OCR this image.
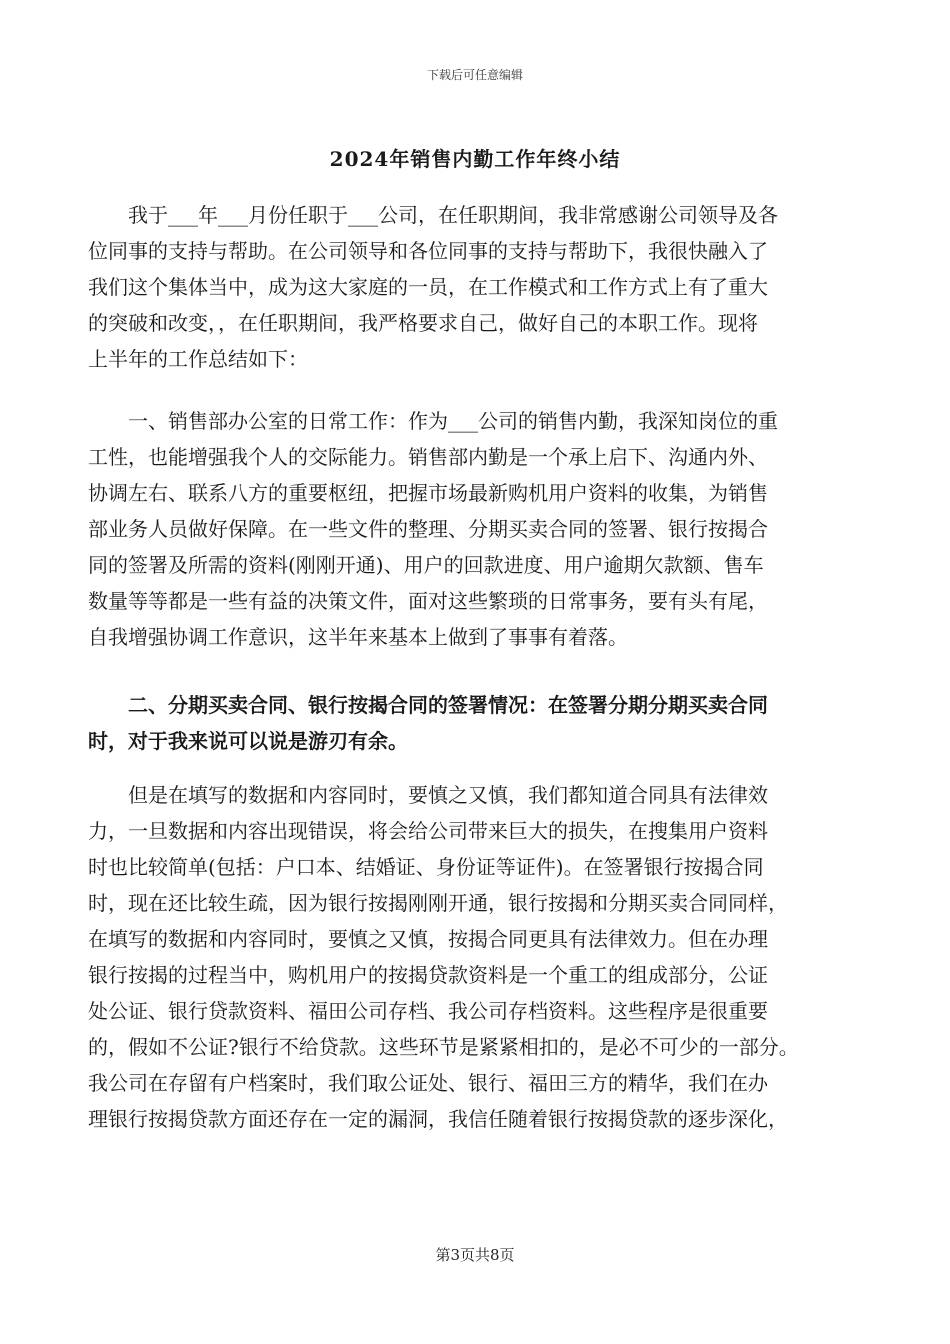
下载后可任意编辑
2024年销售内勤工作年终小结
　　我于___年___月份任职于___公司，在任职期间，我非常感谢公司领导及各
位同事的支持与帮助。在公司领导和各位同事的支持与帮助下，我很快融入了
我们这个集体当中，成为这大家庭的一员，在工作模式和工作方式上有了重大
的突破和改变，，在任职期间，我严格要求自己，做好自己的本职工作。现将
上半年的工作总结如下：
　　一、销售部办公室的日常工作：作为___公司的销售内勤，我深知岗位的重
工性，也能增强我个人的交际能力。销售部内勤是一个承上启下、沟通内外、
协调左右、联系八方的重要枢纽，把握市场最新购机用户资料的收集，为销售
部业务人员做好保障。在一些文件的整理、分期买卖合同的签署、银行按揭合
同的签署及所需的资料(刚刚开通)、用户的回款进度、用户逾期欠款额、售车
数量等等都是一些有益的决策文件，面对这些繁琐的日常事务，要有头有尾，
自我增强协调工作意识，这半年来基本上做到了事事有着落。
　　二、分期买卖合同、银行按揭合同的签署情况：在签署分期分期买卖合同
时，对于我来说可以说是游刃有余。
　　但是在填写的数据和内容同时，要慎之又慎，我们都知道合同具有法律效
力，一旦数据和内容出现错误，将会给公司带来巨大的损失，在搜集用户资料
时也比较简单(包括：户口本、结婚证、身份证等证件)。在签署银行按揭合同
时，现在还比较生疏，因为银行按揭刚刚开通，银行按揭和分期买卖合同同样，
在填写的数据和内容同时，要慎之又慎，按揭合同更具有法律效力。但在办理
银行按揭的过程当中，购机用户的按揭贷款资料是一个重工的组成部分，公证
处公证、银行贷款资料、福田公司存档、我公司存档资料。这些程序是很重要
的，假如不公证?银行不给贷款。这些环节是紧紧相扣的，是必不可少的一部分。
我公司在存留有户档案时，我们取公证处、银行、福田三方的精华，我们在办
理银行按揭贷款方面还存在一定的漏洞，我信任随着银行按揭贷款的逐步深化，
第3页共8页
